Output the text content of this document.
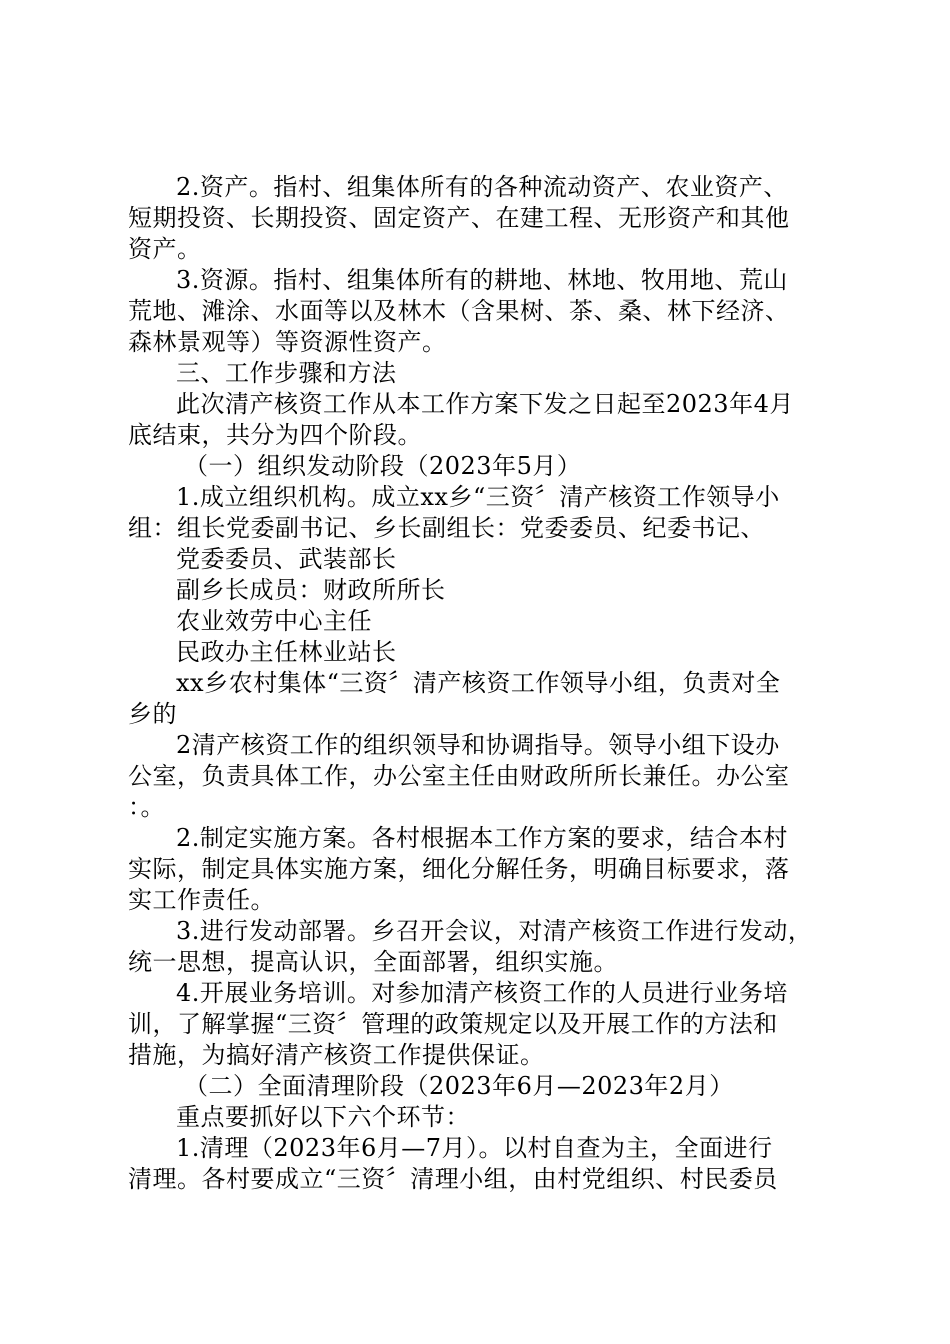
2.资产。指村、组集体所有的各种流动资产、农业资产、
短期投资、长期投资、固定资产、在建工程、无形资产和其他
资产。
3.资源。指村、组集体所有的耕地、林地、牧用地、荒山
荒地、滩涂、水面等以及林木（含果树、茶、桑、林下经济、
森林景观等）等资源性资产。
三、工作步骤和方法
此次清产核资工作从本工作方案下发之日起至2023年4月
底结束，共分为四个阶段。
（一）组织发动阶段（2023年5月）
1.成立组织机构。成立xx乡“三资〞清产核资工作领导小
组：组长党委副书记、乡长副组长：党委委员、纪委书记、
党委委员、武装部长
副乡长成员：财政所所长
农业效劳中心主任
民政办主任林业站长
xx乡农村集体“三资〞清产核资工作领导小组，负责对全
乡的
2清产核资工作的组织领导和协调指导。领导小组下设办
公室，负责具体工作，办公室主任由财政所所长兼任。办公室
：。
2.制定实施方案。各村根据本工作方案的要求，结合本村
实际，制定具体实施方案，细化分解任务，明确目标要求，落
实工作责任。
3.进行发动部署。乡召开会议，对清产核资工作进行发动，
统一思想，提高认识，全面部署，组织实施。
4.开展业务培训。对参加清产核资工作的人员进行业务培
训，了解掌握“三资〞管理的政策规定以及开展工作的方法和
措施，为搞好清产核资工作提供保证。
（二）全面清理阶段（2023年6月—2023年2月）
重点要抓好以下六个环节：
1.清理（2023年6月—7月）。以村自查为主，全面进行
清理。各村要成立“三资〞清理小组，由村党组织、村民委员
